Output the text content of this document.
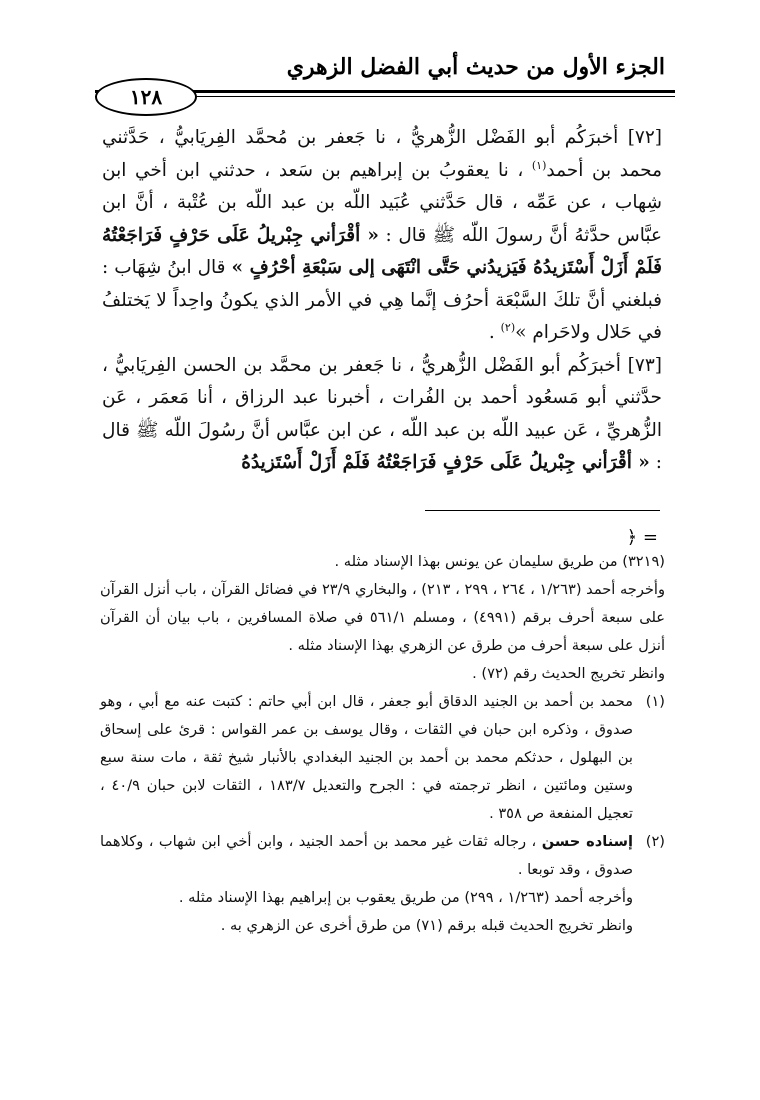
الجزء الأول من حديث أبي الفضل الزهري
١٢٨

[٧٢] أخبرَكُم أبو الفَضْل الزُّهريُّ ، نا جَعفر بن مُحمَّد الفِريَابيُّ ، حَدَّثني محمد بن أحمد$^{(١)}$ ، نا يعقوبُ بن إبراهيم بن سَعد ، حدثني ابن أخي ابن شِهاب ، عن عَمِّه ، قال حَدَّثني عُبَيد اللّه بن عبد اللّه بن عُتْبة ، أنَّ ابن عبَّاس حدَّثهُ أنَّ رسولَ اللّه ﷺ قال : « أقْرَأني جِبْريلُ عَلَى حَرْفٍ فَرَاجَعْتُهُ فَلَمْ أَزَلْ أَسْتَزيدُهُ فَيَزيدُني حَتَّى انْتَهَى إلى سَبْعَةِ أحْرُفٍ » قال ابنُ شِهَاب : فبلغني أنَّ تلكَ السَّبْعَة أحرُف إنَّما هِي في الأمر الذي يكونُ واحِداً لا يَختلفُ في حَلال ولاحَرام »$^{(٢)}$ .

[٧٣] أخبرَكُم أبو الفَضْل الزُّهريُّ ، نا جَعفر بن محمَّد بن الحسن الفِريَابيُّ ، حدَّثني أبو مَسعُود أحمد بن الفُرات ، أخبرنا عبد الرزاق ، أنا مَعمَر ، عَن الزُّهريِّ ، عَن عبيد اللّه بن عبد اللّه ، عن ابن عبَّاس أنَّ رسُولَ اللّه ﷺ قال : « أقْرَأني جِبْريلُ عَلَى حَرْفٍ فَرَاجَعْتُهُ فَلَمْ أَزَلْ أَسْتَزيدُهُ

= ﴿

(٣٢١٩) من طريق سليمان عن يونس بهذا الإسناد مثله .

وأخرجه أحمد (١/٢٦٣ ، ٢٦٤ ، ٢٩٩ ، ٢١٣) ، والبخاري ٢٣/٩ في فضائل القرآن ، باب أنزل القرآن على سبعة أحرف برقم (٤٩٩١) ، ومسلم ٥٦١/١ في صلاة المسافرين ، باب بيان أن القرآن أنزل على سبعة أحرف من طرق عن الزهري بهذا الإسناد مثله .

وانظر تخريج الحديث رقم (٧٢) .

(١)
محمد بن أحمد بن الجنيد الدقاق أبو جعفر ، قال ابن أبي حاتم : كتبت عنه مع أبي ، وهو صدوق ، وذكره ابن حبان في الثقات ، وقال يوسف بن عمر القواس : قرئ على إسحاق بن البهلول ، حدثكم محمد بن أحمد بن الجنيد البغدادي بالأنبار شيخ ثقة ، مات سنة سبع وستين ومائتين ، انظر ترجمته في : الجرح والتعديل ١٨٣/٧ ، الثقات لابن حبان ٤٠/٩ ، تعجيل المنفعة ص ٣٥٨ .
(٢)
إسناده حسن ، رجاله ثقات غير محمد بن أحمد الجنيد ، وابن أخي ابن شهاب ، وكلاهما صدوق ، وقد توبعا .
وأخرجه أحمد (١/٢٦٣ ، ٢٩٩) من طريق يعقوب بن إبراهيم بهذا الإسناد مثله .
وانظر تخريج الحديث قبله برقم (٧١) من طرق أخرى عن الزهري به .
